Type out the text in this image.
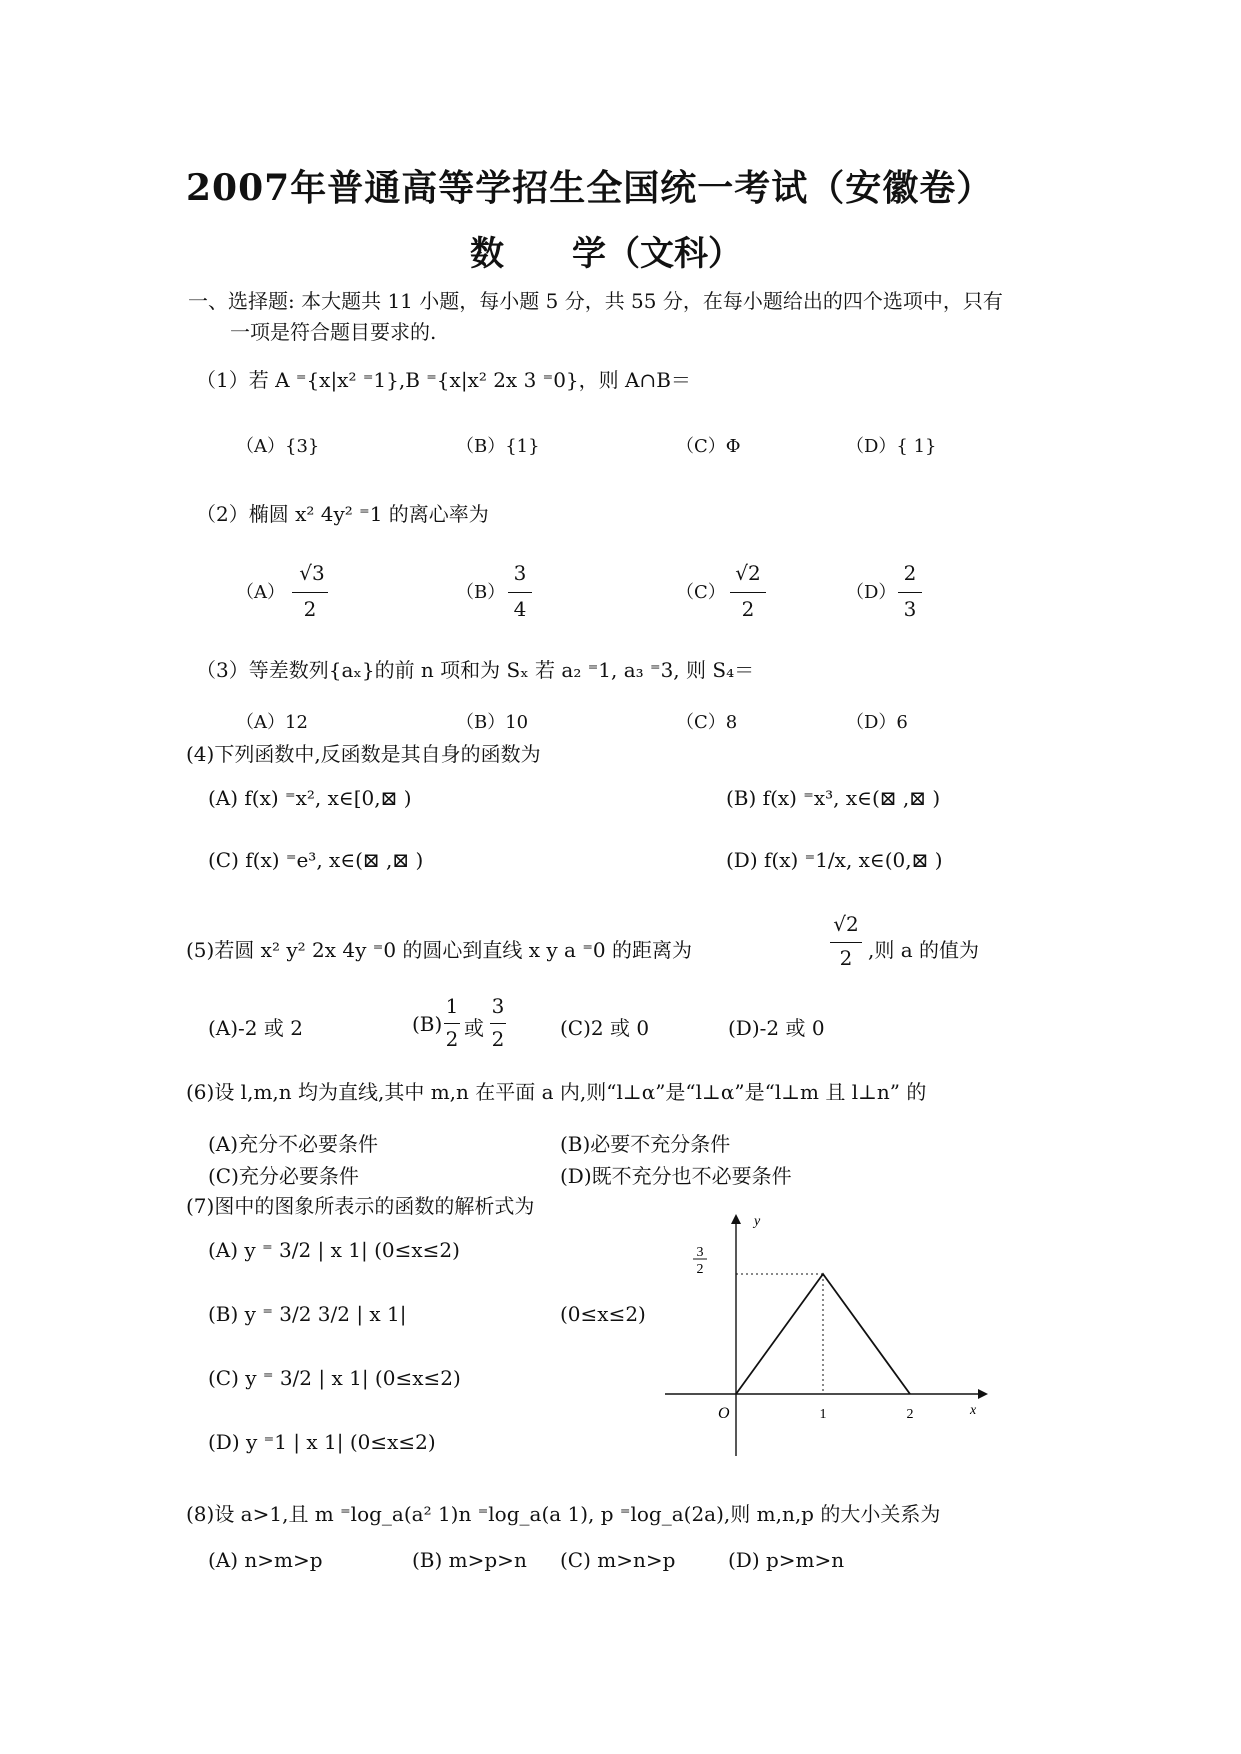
2007年普通高等学招生全国统一考试（安徽卷）
数　　学（文科）
一、选择题: 本大题共 11 小题，每小题 5 分，共 55 分，在每小题给出的四个选项中，只有
一项是符合题目要求的.
（1）若 A ⁼{x|x² ⁼1},B ⁼{x|x² 2x 3 ⁼0}，则 A∩B＝
（A）{3}	（B）{1}	（C）Φ	（D）{ 1}
（2）椭圆 x² 4y² ⁼1 的离心率为
（A）
√3
2
（B）
3
4
（C）
√2
2
（D）
2
3
（3）等差数列{aₓ}的前 n 项和为 Sₓ 若 a₂ ⁼1, a₃ ⁼3, 则 S₄＝
（A）12	（B）10	（C）8	（D）6
(4)下列函数中,反函数是其自身的函数为
(A) f(x) ⁼x², x∈[0,⊠ )	(B) f(x) ⁼x³, x∈(⊠ ,⊠ )
(C) f(x) ⁼e³, x∈(⊠ ,⊠ )	(D) f(x) ⁼1/x, x∈(0,⊠ )
(5)若圆 x² y² 2x 4y ⁼0 的圆心到直线 x y a ⁼0 的距离为
√2
2 ,则 a 的值为
(A)-2 或 2	(B)
1
2 或
3
2	(C)2 或 0	(D)-2 或 0
(6)设 l,m,n 均为直线,其中 m,n 在平面 a 内,则“l⊥α”是“l⊥α”是“l⊥m 且 l⊥n” 的
(A)充分不必要条件	(B)必要不充分条件
(C)充分必要条件	(D)既不充分也不必要条件
(7)图中的图象所表示的函数的解析式为
(A) y ⁼ 3/2 | x 1| (0≤x≤2)
(B) y ⁼ 3/2 3/2 | x 1|	(0≤x≤2)
(C) y ⁼ 3/2 | x 1| (0≤x≤2)
(D) y ⁼1 | x 1| (0≤x≤2)
y
x
O
3
2
1	2
(8)设 a>1,且 m ⁼log_a(a² 1)n ⁼log_a(a 1), p ⁼log_a(2a),则 m,n,p 的大小关系为
(A) n>m>p	(B) m>p>n (C) m>n>p	(D) p>m>n
